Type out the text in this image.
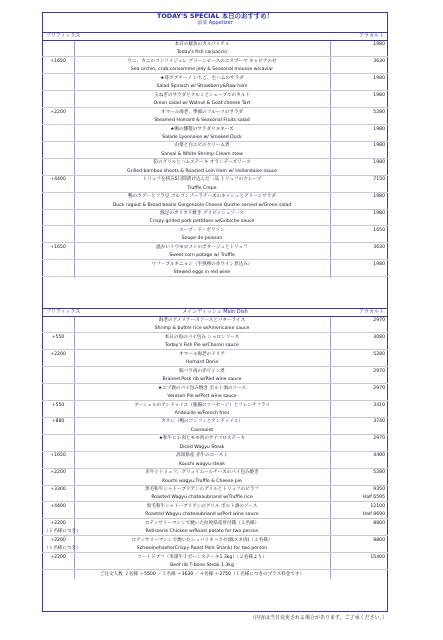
TODAY'S SPECIAL 本日のおすすめ！
前菜 Appetizer
プリフィックス	アラカルト
本日の鮮魚のカルパッチョ	1980
Today's fish carpaccio
+1650	ウニ、カニのコンソメジュレ グリーンピースのエスプーマ キャビアのせ	3630
Sea urchin, crab,consomme jelly & Seasonal mousse w/caviar
★苺カプチーノ いちご、生ハムのサラダ	1980
Salad Spinach w/ Strawberry&Raw ham
玉ねぎのサラダとクルミとシェーブルのタルト	1980
Onion salad w/ Walnut & Goat cheese Tart
+2200	オマール海老、季節のフルーツのサラダ	5280
Steamed Homard & Seasonal Fruits salad
★鴨の燻製のサラダリヨネーズ	1980
Salade Lyonnaise w/ Smoked Duck
山菜と白エビのクリーム煮	1980
Sansai & White Shrimp Cream stew
筍のグリルとハムステーキ オランデーズソース	1980
Grilled bamboo shoots & Roasted Loin Ham w/ Hollandaise sauce
+4400	トリュフを挟み5日間漬け込んだ一品 トリュフのクレープ	7150
Truffle Crepe
鴨のラグーとソラ豆 ゴルゴンゾーラチーズのキッシュとグリーンサラダ	1980
Duck ragout & Broad beans Gorgonzola Cheese Quiche served w/Green salad
豚足のカリカリ焼き グリビッシュソース	1980
Crispy grilled pork pettitoes w/Gribiche sauce
スープ・ド・ポワソン	1650
Soupe de poisson
+1650	温かいトウモロコシのポタージュとトリュフ	3630
Sweet corn potage w/ Truffle
ウフ・ブルギニョン（半熟卵の赤ワイン煮込み）	1980
Stewed eggs in red wine
プリフィックス	メインディッシュ Main Dish	アラカルト
海老のアメリケーヌソースとバターライス	2970
Shrimp & butter rice w/Americaine sauce
+550	本日の魚のパイ包み ショロンソース	3080
Today's Fish Pie w/Choron sauce
+2200	オマール海老のドリア	5280
Homard Doria
豚バラ肉の赤ワイン煮	2970
Braised Pork rib w/Red wine sauce
★エゾ鹿のパイ包み焼き ポルト酒のソース	2970
Venison Pie w/Port wine sauce
+550	ブーシェルのアンドゥイユ（豚腸のソーセージ）とフレンチフライ	3410
Andouille w/French fries
+880	カスレ（鴨のコンフィとアンドゥイユ）	3740
Cassoulet
★和牛ヒレ肉とモモ肉のサイコロステーキ	2970
Diced Wagyu Steak
+1650	高知県産 赤牛のロースト	4400
Kouchi wagyu steak
+2200	赤牛とトリュフ、グリュイエールチーズのパイ包み焼き	5280
Kouchi wagyu,Truffle & Cheese pie
+3300	黒毛和牛シャトーブリアンのグリルとトリュフのピラフ	9350
Roasted Wagyu chateaubriand w/Truffle rice	Half 6595
+4400	黒毛和牛シャトーブリアンのグリル ポルト酒のソース	12100
Roasted Wagyu chateaubriand w/Port wine sauce	Half 8690
+2200	ロティサリーマシンで焼いた拉致県産骨付鶏（２名様）	8800
（１名様につき）	Rotisserie Chicken w/Roast potato for two person
+2200	ロティサリーマシンで焼いたシュバイネハクセ(豚スネ肉)（２名様）	8800
（１名様につき）	Schweinehaxhe(Crispy Roast Pork Shank) for two person
+2200	コートドブフ（米澤牛Ｔボーンステーキ1.3kg）（２名様より）	15400
Beef rib T-bone Steak 1.3kg
ご注文人数 ２名様 ＋5500 ／３名様 ＋3630 ／４名様 ＋2750（１名様につきのプラス料金です）
（内容は当日変更される場合があります。ご了承ください。）
